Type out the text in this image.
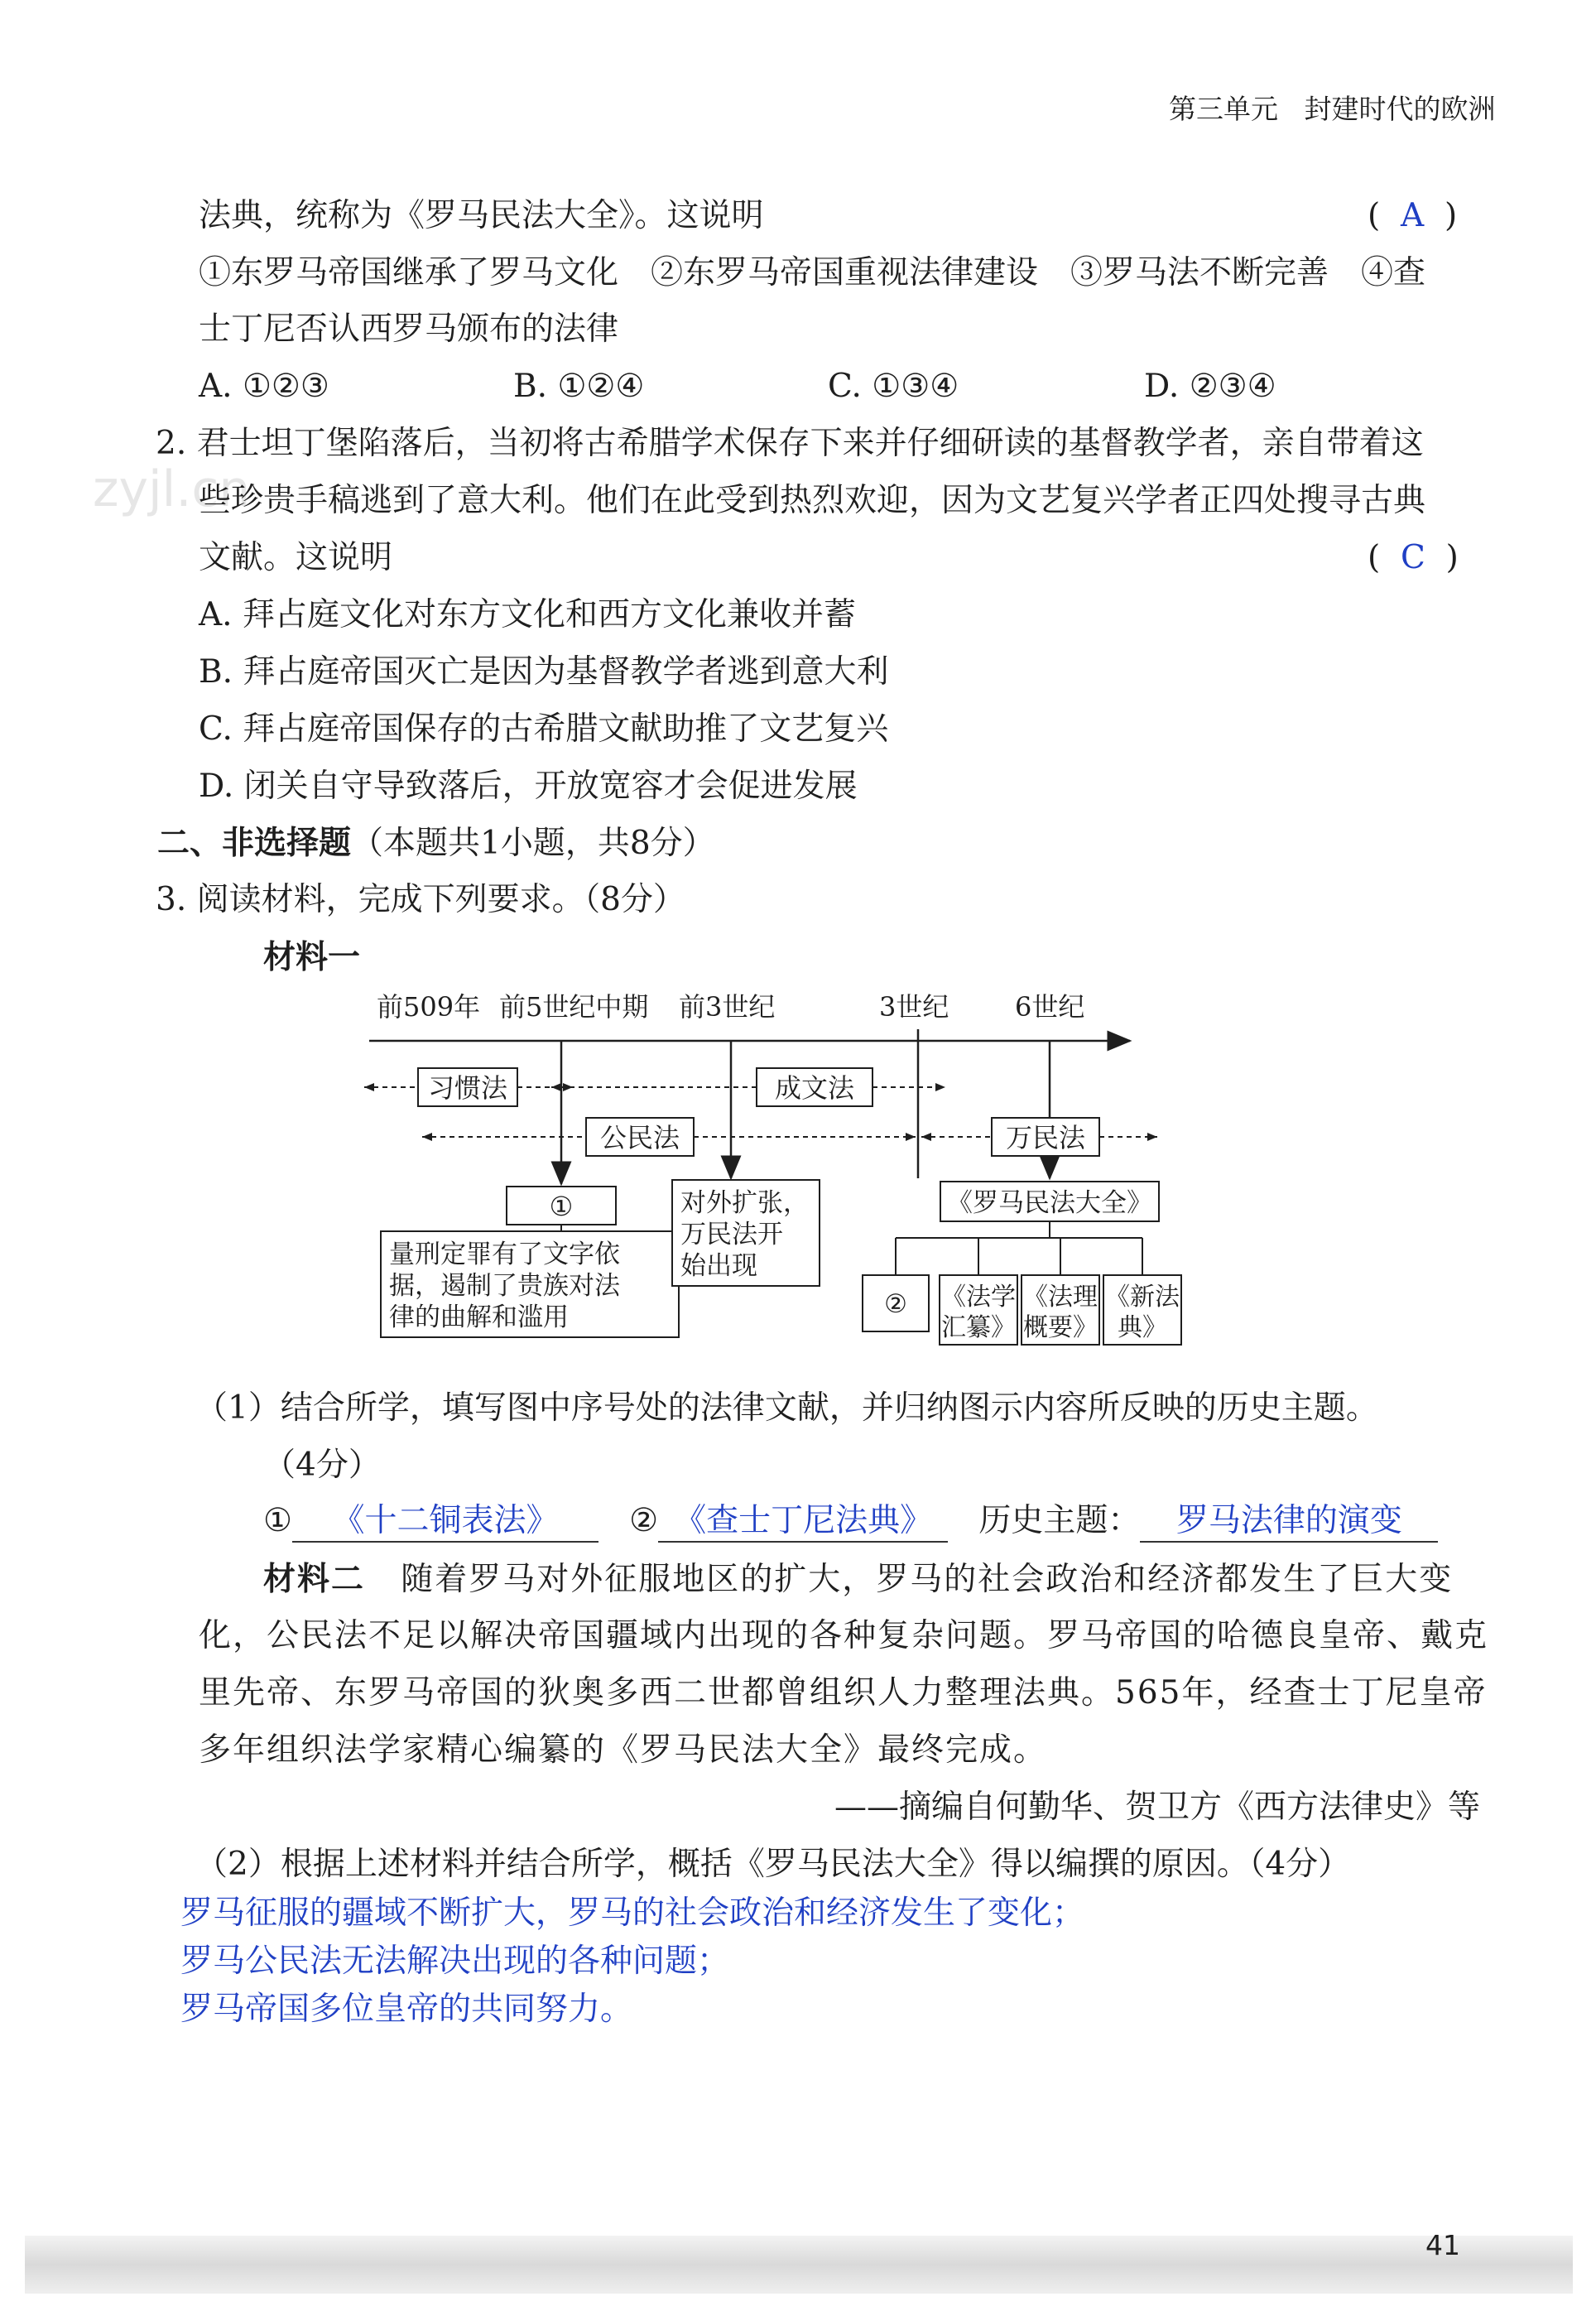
第三单元 封建时代的欧洲
zyjl.cn
法典，统称为《罗马民法大全》。这说明	(  A  )
①东罗马帝国继承了罗马文化　②东罗马帝国重视法律建设　③罗马法不断完善　④查
士丁尼否认西罗马颁布的法律
A. ①②③	B. ①②④	C. ①③④	D. ②③④
2. 君士坦丁堡陷落后，当初将古希腊学术保存下来并仔细研读的基督教学者，亲自带着这
些珍贵手稿逃到了意大利。他们在此受到热烈欢迎，因为文艺复兴学者正四处搜寻古典
文献。这说明	(  C  )
A. 拜占庭文化对东方文化和西方文化兼收并蓄
B. 拜占庭帝国灭亡是因为基督教学者逃到意大利
C. 拜占庭帝国保存的古希腊文献助推了文艺复兴
D. 闭关自守导致落后，开放宽容才会促进发展
二、非选择题（本题共1小题，共8分）
3. 阅读材料，完成下列要求。（8分）
材料一
前509年 前5世纪中期 前3世纪	3世纪 6世纪
习惯法	成文法
公民法	万民法
①
量刑定罪有了文字依
据，遏制了贵族对法
律的曲解和滥用
对外扩张，
万民法开
始出现
《罗马民法大全》
② 《法学
汇纂》
《法理
概要》
《新法
典》
（1）结合所学，填写图中序号处的法律文献，并归纳图示内容所反映的历史主题。
（4分）
① 《十二铜表法》 ② 《查士丁尼法典》 历史主题： 罗马法律的演变
材料二 随着罗马对外征服地区的扩大，罗马的社会政治和经济都发生了巨大变
化，公民法不足以解决帝国疆域内出现的各种复杂问题。罗马帝国的哈德良皇帝、戴克
里先帝、东罗马帝国的狄奥多西二世都曾组织人力整理法典。565年，经查士丁尼皇帝
多年组织法学家精心编纂的《罗马民法大全》最终完成。
——摘编自何勤华、贺卫方《西方法律史》等
（2）根据上述材料并结合所学，概括《罗马民法大全》得以编撰的原因。（4分）
罗马征服的疆域不断扩大，罗马的社会政治和经济发生了变化；
罗马公民法无法解决出现的各种问题；
罗马帝国多位皇帝的共同努力。
41
